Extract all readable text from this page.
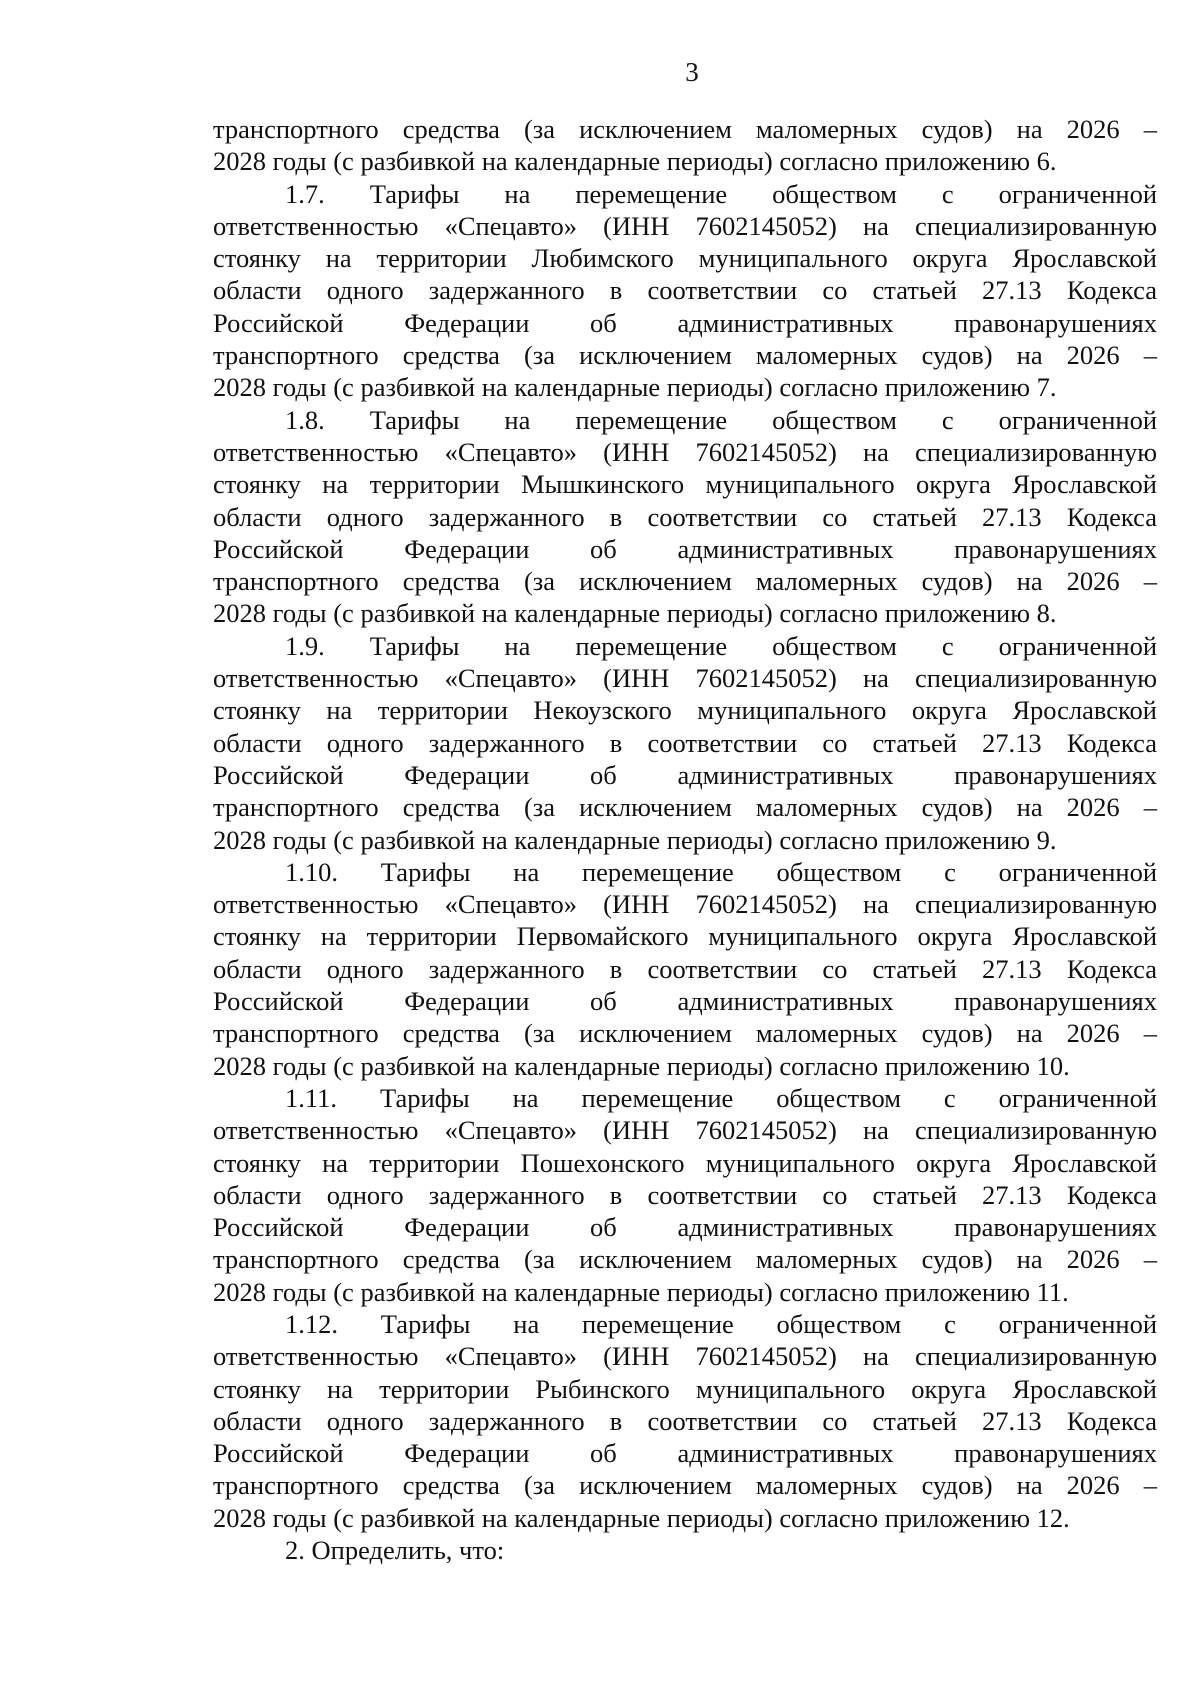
3

транспортного средства (за исключением маломерных судов) на 2026 –
2028 годы (с разбивкой на календарные периоды) согласно приложению 6.

1.7. Тарифы на перемещение обществом с ограниченной
ответственностью «Спецавто» (ИНН 7602145052) на специализированную
стоянку на территории Любимского муниципального округа Ярославской
области одного задержанного в соответствии со статьей 27.13 Кодекса
Российской Федерации об административных правонарушениях
транспортного средства (за исключением маломерных судов) на 2026 –
2028 годы (с разбивкой на календарные периоды) согласно приложению 7.

1.8. Тарифы на перемещение обществом с ограниченной
ответственностью «Спецавто» (ИНН 7602145052) на специализированную
стоянку на территории Мышкинского муниципального округа Ярославской
области одного задержанного в соответствии со статьей 27.13 Кодекса
Российской Федерации об административных правонарушениях
транспортного средства (за исключением маломерных судов) на 2026 –
2028 годы (с разбивкой на календарные периоды) согласно приложению 8.

1.9. Тарифы на перемещение обществом с ограниченной
ответственностью «Спецавто» (ИНН 7602145052) на специализированную
стоянку на территории Некоузского муниципального округа Ярославской
области одного задержанного в соответствии со статьей 27.13 Кодекса
Российской Федерации об административных правонарушениях
транспортного средства (за исключением маломерных судов) на 2026 –
2028 годы (с разбивкой на календарные периоды) согласно приложению 9.

1.10. Тарифы на перемещение обществом с ограниченной
ответственностью «Спецавто» (ИНН 7602145052) на специализированную
стоянку на территории Первомайского муниципального округа Ярославской
области одного задержанного в соответствии со статьей 27.13 Кодекса
Российской Федерации об административных правонарушениях
транспортного средства (за исключением маломерных судов) на 2026 –
2028 годы (с разбивкой на календарные периоды) согласно приложению 10.

1.11. Тарифы на перемещение обществом с ограниченной
ответственностью «Спецавто» (ИНН 7602145052) на специализированную
стоянку на территории Пошехонского муниципального округа Ярославской
области одного задержанного в соответствии со статьей 27.13 Кодекса
Российской Федерации об административных правонарушениях
транспортного средства (за исключением маломерных судов) на 2026 –
2028 годы (с разбивкой на календарные периоды) согласно приложению 11.

1.12. Тарифы на перемещение обществом с ограниченной
ответственностью «Спецавто» (ИНН 7602145052) на специализированную
стоянку на территории Рыбинского муниципального округа Ярославской
области одного задержанного в соответствии со статьей 27.13 Кодекса
Российской Федерации об административных правонарушениях
транспортного средства (за исключением маломерных судов) на 2026 –
2028 годы (с разбивкой на календарные периоды) согласно приложению 12.

2. Определить, что:
